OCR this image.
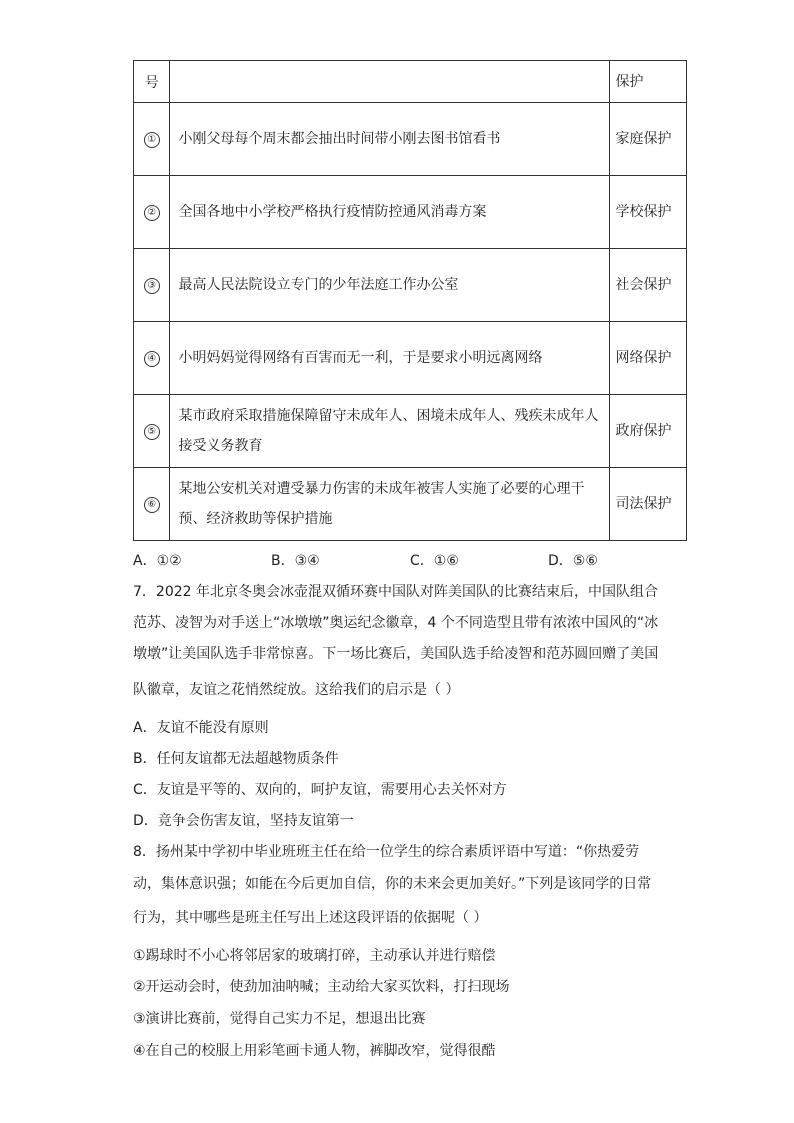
号		保护
①	小刚父母每个周末都会抽出时间带小刚去图书馆看书	家庭保护
②	全国各地中小学校严格执行疫情防控通风消毒方案	学校保护
③	最高人民法院设立专门的少年法庭工作办公室	社会保护
④	小明妈妈觉得网络有百害而无一利，于是要求小明远离网络	网络保护
⑤	某市政府采取措施保障留守未成年人、困境未成年人、残疾未成年人接受义务教育	政府保护
⑥	某地公安机关对遭受暴力伤害的未成年被害人实施了必要的心理干预、经济救助等保护措施	司法保护
A．①②	B．③④	C．①⑥	D．⑤⑥
7．2022 年北京冬奥会冰壶混双循环赛中国队对阵美国队的比赛结束后，中国队组合
范苏、凌智为对手送上“冰墩墩”奥运纪念徽章，4 个不同造型且带有浓浓中国风的“冰
墩墩”让美国队选手非常惊喜。下一场比赛后，美国队选手给凌智和范苏圆回赠了美国
队徽章，友谊之花悄然绽放。这给我们的启示是（ ）
A．友谊不能没有原则
B．任何友谊都无法超越物质条件
C．友谊是平等的、双向的，呵护友谊，需要用心去关怀对方
D．竞争会伤害友谊，坚持友谊第一
8．扬州某中学初中毕业班班主任在给一位学生的综合素质评语中写道：“你热爱劳
动，集体意识强；如能在今后更加自信，你的未来会更加美好。”下列是该同学的日常
行为，其中哪些是班主任写出上述这段评语的依据呢（ ）
①踢球时不小心将邻居家的玻璃打碎，主动承认并进行赔偿
②开运动会时，使劲加油呐喊；主动给大家买饮料，打扫现场
③演讲比赛前，觉得自己实力不足，想退出比赛
④在自己的校服上用彩笔画卡通人物，裤脚改窄，觉得很酷
